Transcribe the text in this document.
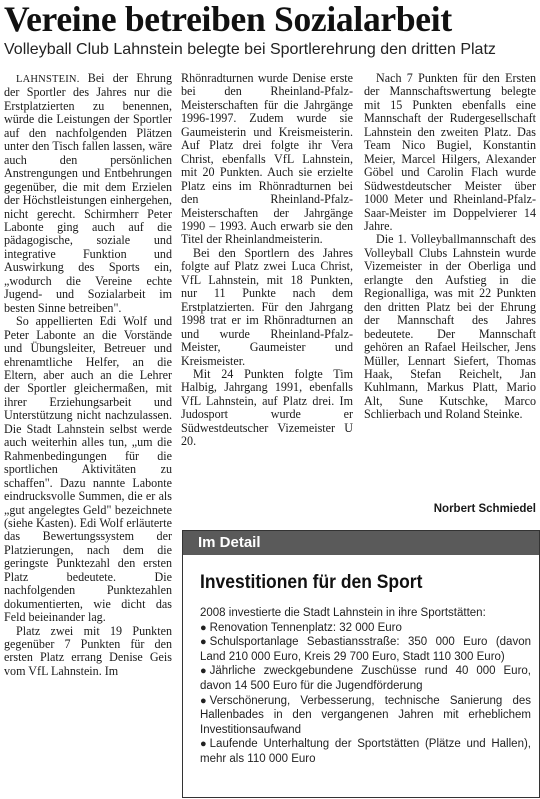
Vereine betreiben Sozialarbeit
Volleyball Club Lahnstein belegte bei Sportlerehrung den dritten Platz

LAHNSTEIN. Bei der Ehrung der Sportler des Jahres nur die Erstplatzierten zu benennen, würde die Leistungen der Sportler auf den nachfolgenden Plätzen unter den Tisch fallen lassen, wäre auch den persönlichen Anstrengungen und Entbehrungen gegenüber, die mit dem Erzielen der Höchstleistungen einhergehen, nicht gerecht. Schirmherr Peter Labonte ging auch auf die pädagogische, soziale und integrative Funktion und Auswirkung des Sports ein, „wodurch die Vereine echte Jugend- und Sozialarbeit im besten Sinne betreiben".

So appellierten Edi Wolf und Peter Labonte an die Vorstände und Übungsleiter, Betreuer und ehrenamtliche Helfer, an die Eltern, aber auch an die Lehrer der Sportler gleichermaßen, mit ihrer Erziehungsarbeit und Unterstützung nicht nachzulassen. Die Stadt Lahnstein selbst werde auch weiterhin alles tun, „um die Rahmenbedingungen für die sportlichen Aktivitäten zu schaffen". Dazu nannte Labonte eindrucksvolle Summen, die er als „gut angelegtes Geld" bezeichnete (siehe Kasten). Edi Wolf erläuterte das Bewertungssystem der Platzierungen, nach dem die geringste Punktezahl den ersten Platz bedeutete. Die nachfolgenden Punktezahlen dokumentierten, wie dicht das Feld beieinander lag.

Platz zwei mit 19 Punkten gegenüber 7 Punkten für den ersten Platz errang Denise Geis vom VfL Lahnstein. Im

Rhönradturnen wurde Denise erste bei den Rheinland-Pfalz-Meisterschaften für die Jahrgänge 1996-1997. Zudem wurde sie Gaumeisterin und Kreismeisterin. Auf Platz drei folgte ihr Vera Christ, ebenfalls VfL Lahnstein, mit 20 Punkten. Auch sie erzielte Platz eins im Rhönradturnen bei den Rheinland-Pfalz-Meisterschaften der Jahrgänge 1990 – 1993. Auch erwarb sie den Titel der Rheinlandmeisterin.

Bei den Sportlern des Jahres folgte auf Platz zwei Luca Christ, VfL Lahnstein, mit 18 Punkten, nur 11 Punkte nach dem Erstplatzierten. Für den Jahrgang 1998 trat er im Rhönradturnen an und wurde Rheinland-Pfalz-Meister, Gaumeister und Kreismeister.

Mit 24 Punkten folgte Tim Halbig, Jahrgang 1991, ebenfalls VfL Lahnstein, auf Platz drei. Im Judosport wurde er Südwestdeutscher Vizemeister U 20.

Nach 7 Punkten für den Ersten der Mannschaftswertung belegte mit 15 Punkten ebenfalls eine Mannschaft der Rudergesellschaft Lahnstein den zweiten Platz. Das Team Nico Bugiel, Konstantin Meier, Marcel Hilgers, Alexander Göbel und Carolin Flach wurde Südwestdeutscher Meister über 1000 Meter und Rheinland-Pfalz-Saar-Meister im Doppelvierer 14 Jahre.

Die 1. Volleyballmannschaft des Volleyball Clubs Lahnstein wurde Vizemeister in der Oberliga und erlangte den Aufstieg in die Regionalliga, was mit 22 Punkten den dritten Platz bei der Ehrung der Mannschaft des Jahres bedeutete. Der Mannschaft gehören an Rafael Heilscher, Jens Müller, Lennart Siefert, Thomas Haak, Stefan Reichelt, Jan Kuhlmann, Markus Platt, Mario Alt, Sune Kutschke, Marco Schlierbach und Roland Steinke.

Norbert Schmiedel
Im Detail
Investitionen für den Sport

2008 investierte die Stadt Lahnstein in ihre Sportstätten:

● Renovation Tennenplatz: 32 000 Euro
● Schulsportanlage Sebastiansstraße: 350 000 Euro (davon Land 210 000 Euro, Kreis 29 700 Euro, Stadt 110 300 Euro)
● Jährliche zweckgebundene Zuschüsse rund 40 000 Euro, davon 14 500 Euro für die Jugendförderung
● Verschönerung, Verbesserung, technische Sanierung des Hallenbades in den vergangenen Jahren mit erheblichem Investitionsaufwand
● Laufende Unterhaltung der Sportstätten (Plätze und Hallen), mehr als 110 000 Euro
